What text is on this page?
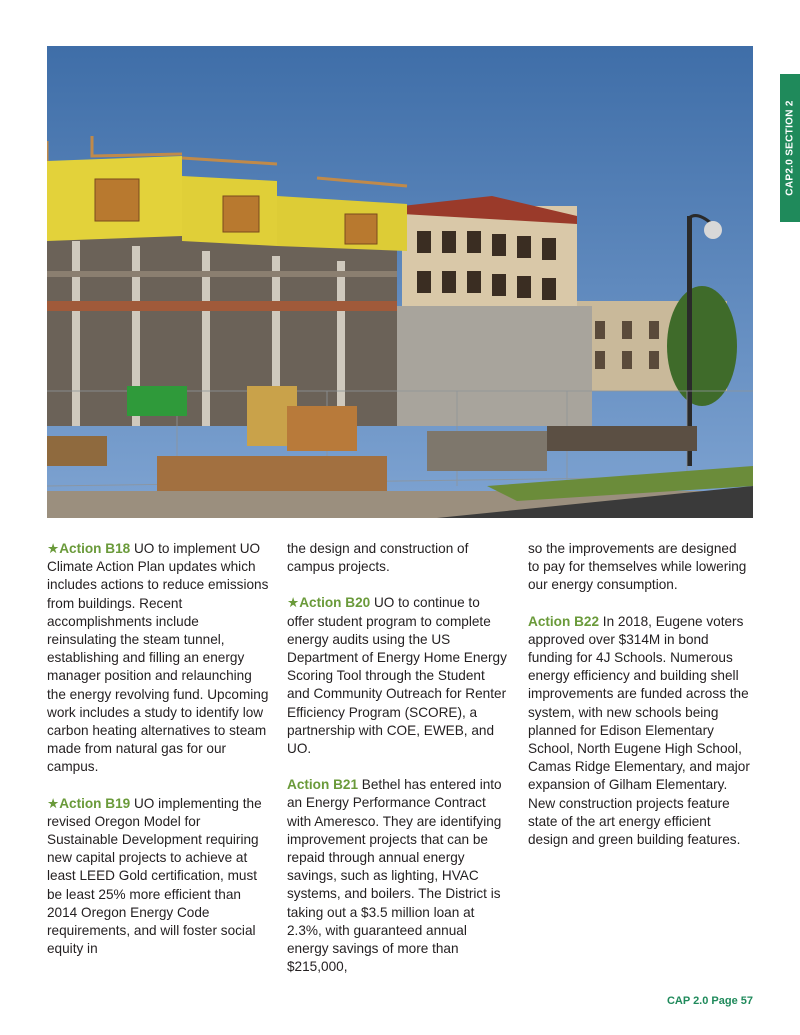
CAP2.0 SECTION 2

★Action B18 UO to implement UO Climate Action Plan updates which includes actions to reduce emissions from buildings. Recent accomplishments include reinsulating the steam tunnel, establishing and filling an energy manager position and relaunching the energy revolving fund. Upcoming work includes a study to identify low carbon heating alternatives to steam made from natural gas for our campus.

★Action B19 UO implementing the revised Oregon Model for Sustainable Development requiring new capital projects to achieve at least LEED Gold certification, must be least 25% more efficient than 2014 Oregon Energy Code requirements, and will foster social equity in

the design and construction of campus projects.

★Action B20 UO to continue to offer student program to complete energy audits using the US Department of Energy Home Energy Scoring Tool through the Student and Community Outreach for Renter Efficiency Program (SCORE), a partnership with COE, EWEB, and UO.

Action B21 Bethel has entered into an Energy Performance Contract with Ameresco. They are identifying improvement projects that can be repaid through annual energy savings, such as lighting, HVAC systems, and boilers. The District is taking out a $3.5 million loan at 2.3%, with guaranteed annual energy savings of more than $215,000,

so the improvements are designed to pay for themselves while lowering our energy consumption.

Action B22 In 2018, Eugene voters approved over $314M in bond funding for 4J Schools. Numerous energy efficiency and building shell improvements are funded across the system, with new schools being planned for Edison Elementary School, North Eugene High School, Camas Ridge Elementary, and major expansion of Gilham Elementary. New construction projects feature state of the art energy efficient design and green building features.

CAP 2.0 Page 57
